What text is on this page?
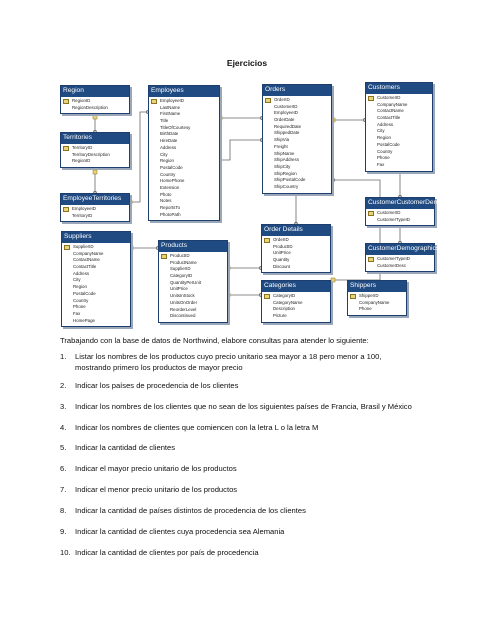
Ejercicios
Region
RegionID
RegionDescription
Territories
TerritoryID
TerritoryDescription
RegionID
EmployeeTerritories
EmployeeID
TerritoryID
Employees
EmployeeID
LastName
FirstName
Title
TitleOfCourtesy
BirthDate
HireDate
Address
City
Region
PostalCode
Country
HomePhone
Extension
Photo
Notes
ReportsTo
PhotoPath
Orders
OrderID
CustomerID
EmployeeID
OrderDate
RequiredDate
ShippedDate
ShipVia
Freight
ShipName
ShipAddress
ShipCity
ShipRegion
ShipPostalCode
ShipCountry
Customers
CustomerID
CompanyName
ContactName
ContactTitle
Address
City
Region
PostalCode
Country
Phone
Fax
CustomerCustomerDemo
CustomerID
CustomerTypeID
CustomerDemographics
CustomerTypeID
CustomerDesc
Suppliers
SupplierID
CompanyName
ContactName
ContactTitle
Address
City
Region
PostalCode
Country
Phone
Fax
HomePage
Products
ProductID
ProductName
SupplierID
CategoryID
QuantityPerUnit
UnitPrice
UnitsInStock
UnitsOnOrder
ReorderLevel
Discontinued
Order Details
OrderID
ProductID
UnitPrice
Quantity
Discount
Categories
CategoryID
CategoryName
Description
Picture
Shippers
ShipperID
CompanyName
Phone
Trabajando con la base de datos de Northwind, elabore consultas para atender lo siguiente:
1. Listar los nombres de los productos cuyo precio unitario sea mayor a 18 pero menor a 100,
mostrando primero los productos de mayor precio
2. Indicar los países de procedencia de los clientes
3. Indicar los nombres de los clientes que no sean de los siguientes países de Francia, Brasil y México
4. Indicar los nombres de clientes que comiencen con la letra L o la letra M
5. Indicar la cantidad de clientes
6. Indicar el mayor precio unitario de los productos
7. Indicar el menor precio unitario de los productos
8. Indicar la cantidad de países distintos de procedencia de los clientes
9. Indicar la cantidad de clientes cuya procedencia sea Alemania
10. Indicar la cantidad de clientes por país de procedencia
